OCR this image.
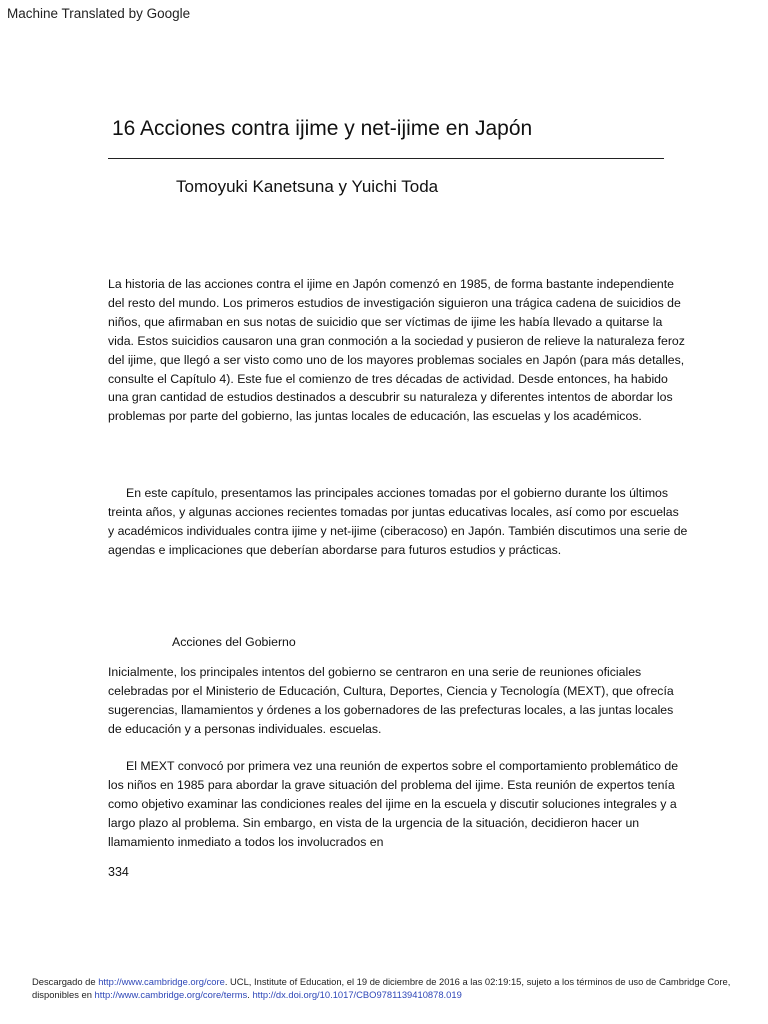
Machine Translated by Google
16 Acciones contra ijime y net-ijime en Japón
Tomoyuki Kanetsuna y Yuichi Toda

La historia de las acciones contra el ijime en Japón comenzó en 1985, de forma bastante independiente del resto del mundo. Los primeros estudios de investigación siguieron una trágica cadena de suicidios de niños, que afirmaban en sus notas de suicidio que ser víctimas de ijime les había llevado a quitarse la vida. Estos suicidios causaron una gran conmoción a la sociedad y pusieron de relieve la naturaleza feroz del ijime, que llegó a ser visto como uno de los mayores problemas sociales en Japón (para más detalles, consulte el Capítulo 4). Este fue el comienzo de tres décadas de actividad. Desde entonces, ha habido una gran cantidad de estudios destinados a descubrir su naturaleza y diferentes intentos de abordar los problemas por parte del gobierno, las juntas locales de educación, las escuelas y los académicos.

En este capítulo, presentamos las principales acciones tomadas por el gobierno durante los últimos treinta años, y algunas acciones recientes tomadas por juntas educativas locales, así como por escuelas y académicos individuales contra ijime y net-ijime (ciberacoso) en Japón. También discutimos una serie de agendas e implicaciones que deberían abordarse para futuros estudios y prácticas.

Acciones del Gobierno

Inicialmente, los principales intentos del gobierno se centraron en una serie de reuniones oficiales celebradas por el Ministerio de Educación, Cultura, Deportes, Ciencia y Tecnología (MEXT), que ofrecía sugerencias, llamamientos y órdenes a los gobernadores de las prefecturas locales, a las juntas locales de educación y a personas individuales. escuelas.

El MEXT convocó por primera vez una reunión de expertos sobre el comportamiento problemático de los niños en 1985 para abordar la grave situación del problema del ijime. Esta reunión de expertos tenía como objetivo examinar las condiciones reales del ijime en la escuela y discutir soluciones integrales y a largo plazo al problema. Sin embargo, en vista de la urgencia de la situación, decidieron hacer un llamamiento inmediato a todos los involucrados en

334
Descargado de http://www.cambridge.org/core. UCL, Institute of Education, el 19 de diciembre de 2016 a las 02:19:15, sujeto a los términos de uso de Cambridge Core, disponibles en http://www.cambridge.org/core/terms. http://dx.doi.org/10.1017/CBO9781139410878.019
